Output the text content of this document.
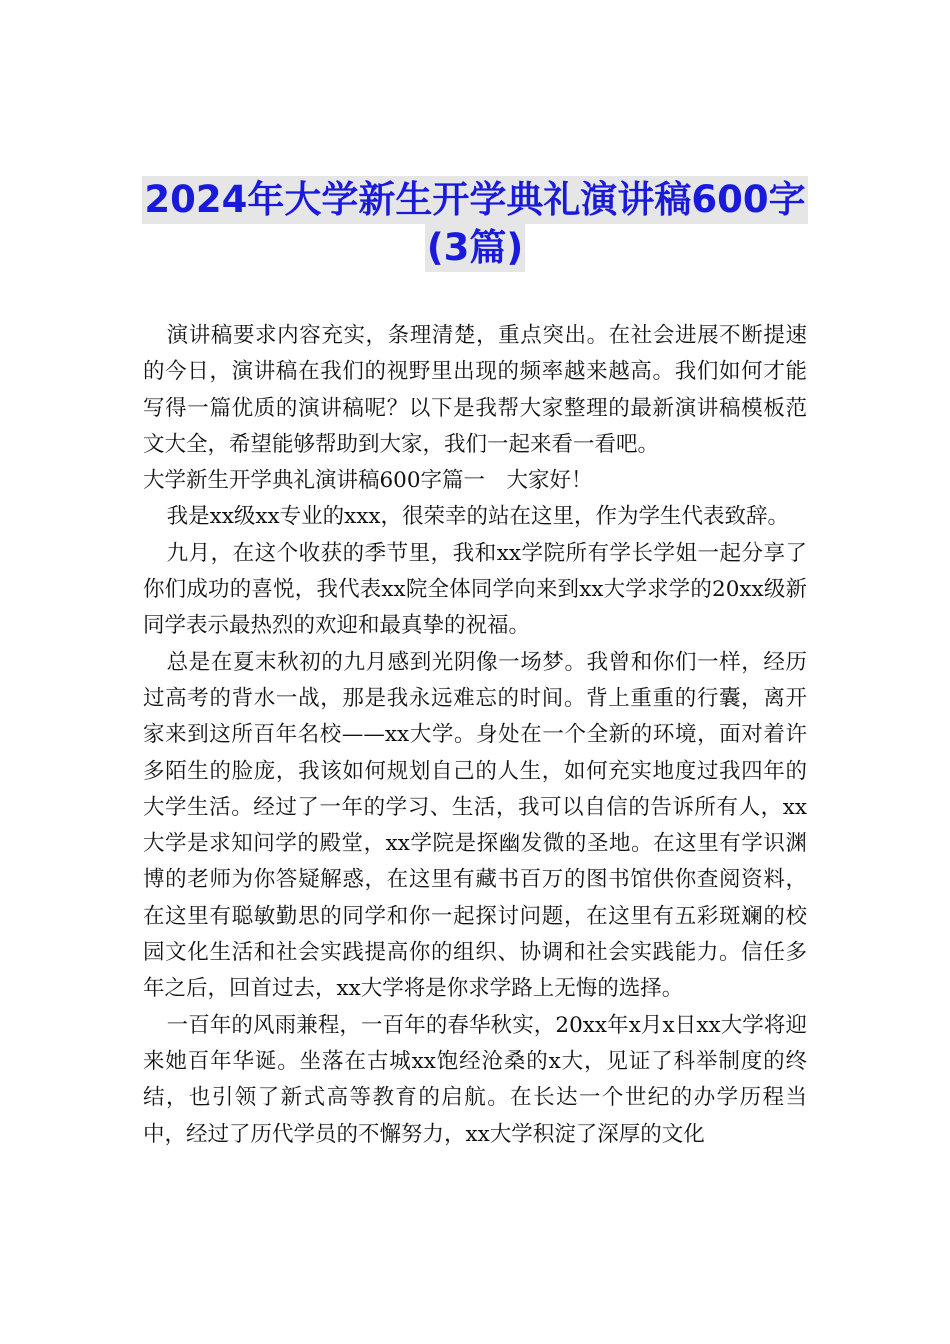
2024年大学新生开学典礼演讲稿600字
(3篇)

演讲稿要求内容充实，条理清楚，重点突出。在社会进展不断提速的今日，演讲稿在我们的视野里出现的频率越来越高。我们如何才能写得一篇优质的演讲稿呢？以下是我帮大家整理的最新演讲稿模板范文大全，希望能够帮助到大家，我们一起来看一看吧。

大学新生开学典礼演讲稿600字篇一　大家好！

我是xx级xx专业的xxx，很荣幸的站在这里，作为学生代表致辞。

九月，在这个收获的季节里，我和xx学院所有学长学姐一起分享了你们成功的喜悦，我代表xx院全体同学向来到xx大学求学的20xx级新同学表示最热烈的欢迎和最真挚的祝福。

总是在夏末秋初的九月感到光阴像一场梦。我曾和你们一样，经历过高考的背水一战，那是我永远难忘的时间。背上重重的行囊，离开家来到这所百年名校——xx大学。身处在一个全新的环境，面对着许多陌生的脸庞，我该如何规划自己的人生，如何充实地度过我四年的大学生活。经过了一年的学习、生活，我可以自信的告诉所有人，xx大学是求知问学的殿堂，xx学院是探幽发微的圣地。在这里有学识渊博的老师为你答疑解惑，在这里有藏书百万的图书馆供你查阅资料，在这里有聪敏勤思的同学和你一起探讨问题，在这里有五彩斑斓的校园文化生活和社会实践提高你的组织、协调和社会实践能力。信任多年之后，回首过去，xx大学将是你求学路上无悔的选择。

一百年的风雨兼程，一百年的春华秋实，20xx年x月x日xx大学将迎来她百年华诞。坐落在古城xx饱经沧桑的x大，见证了科举制度的终结，也引领了新式高等教育的启航。在长达一个世纪的办学历程当中，经过了历代学员的不懈努力，xx大学积淀了深厚的文化
